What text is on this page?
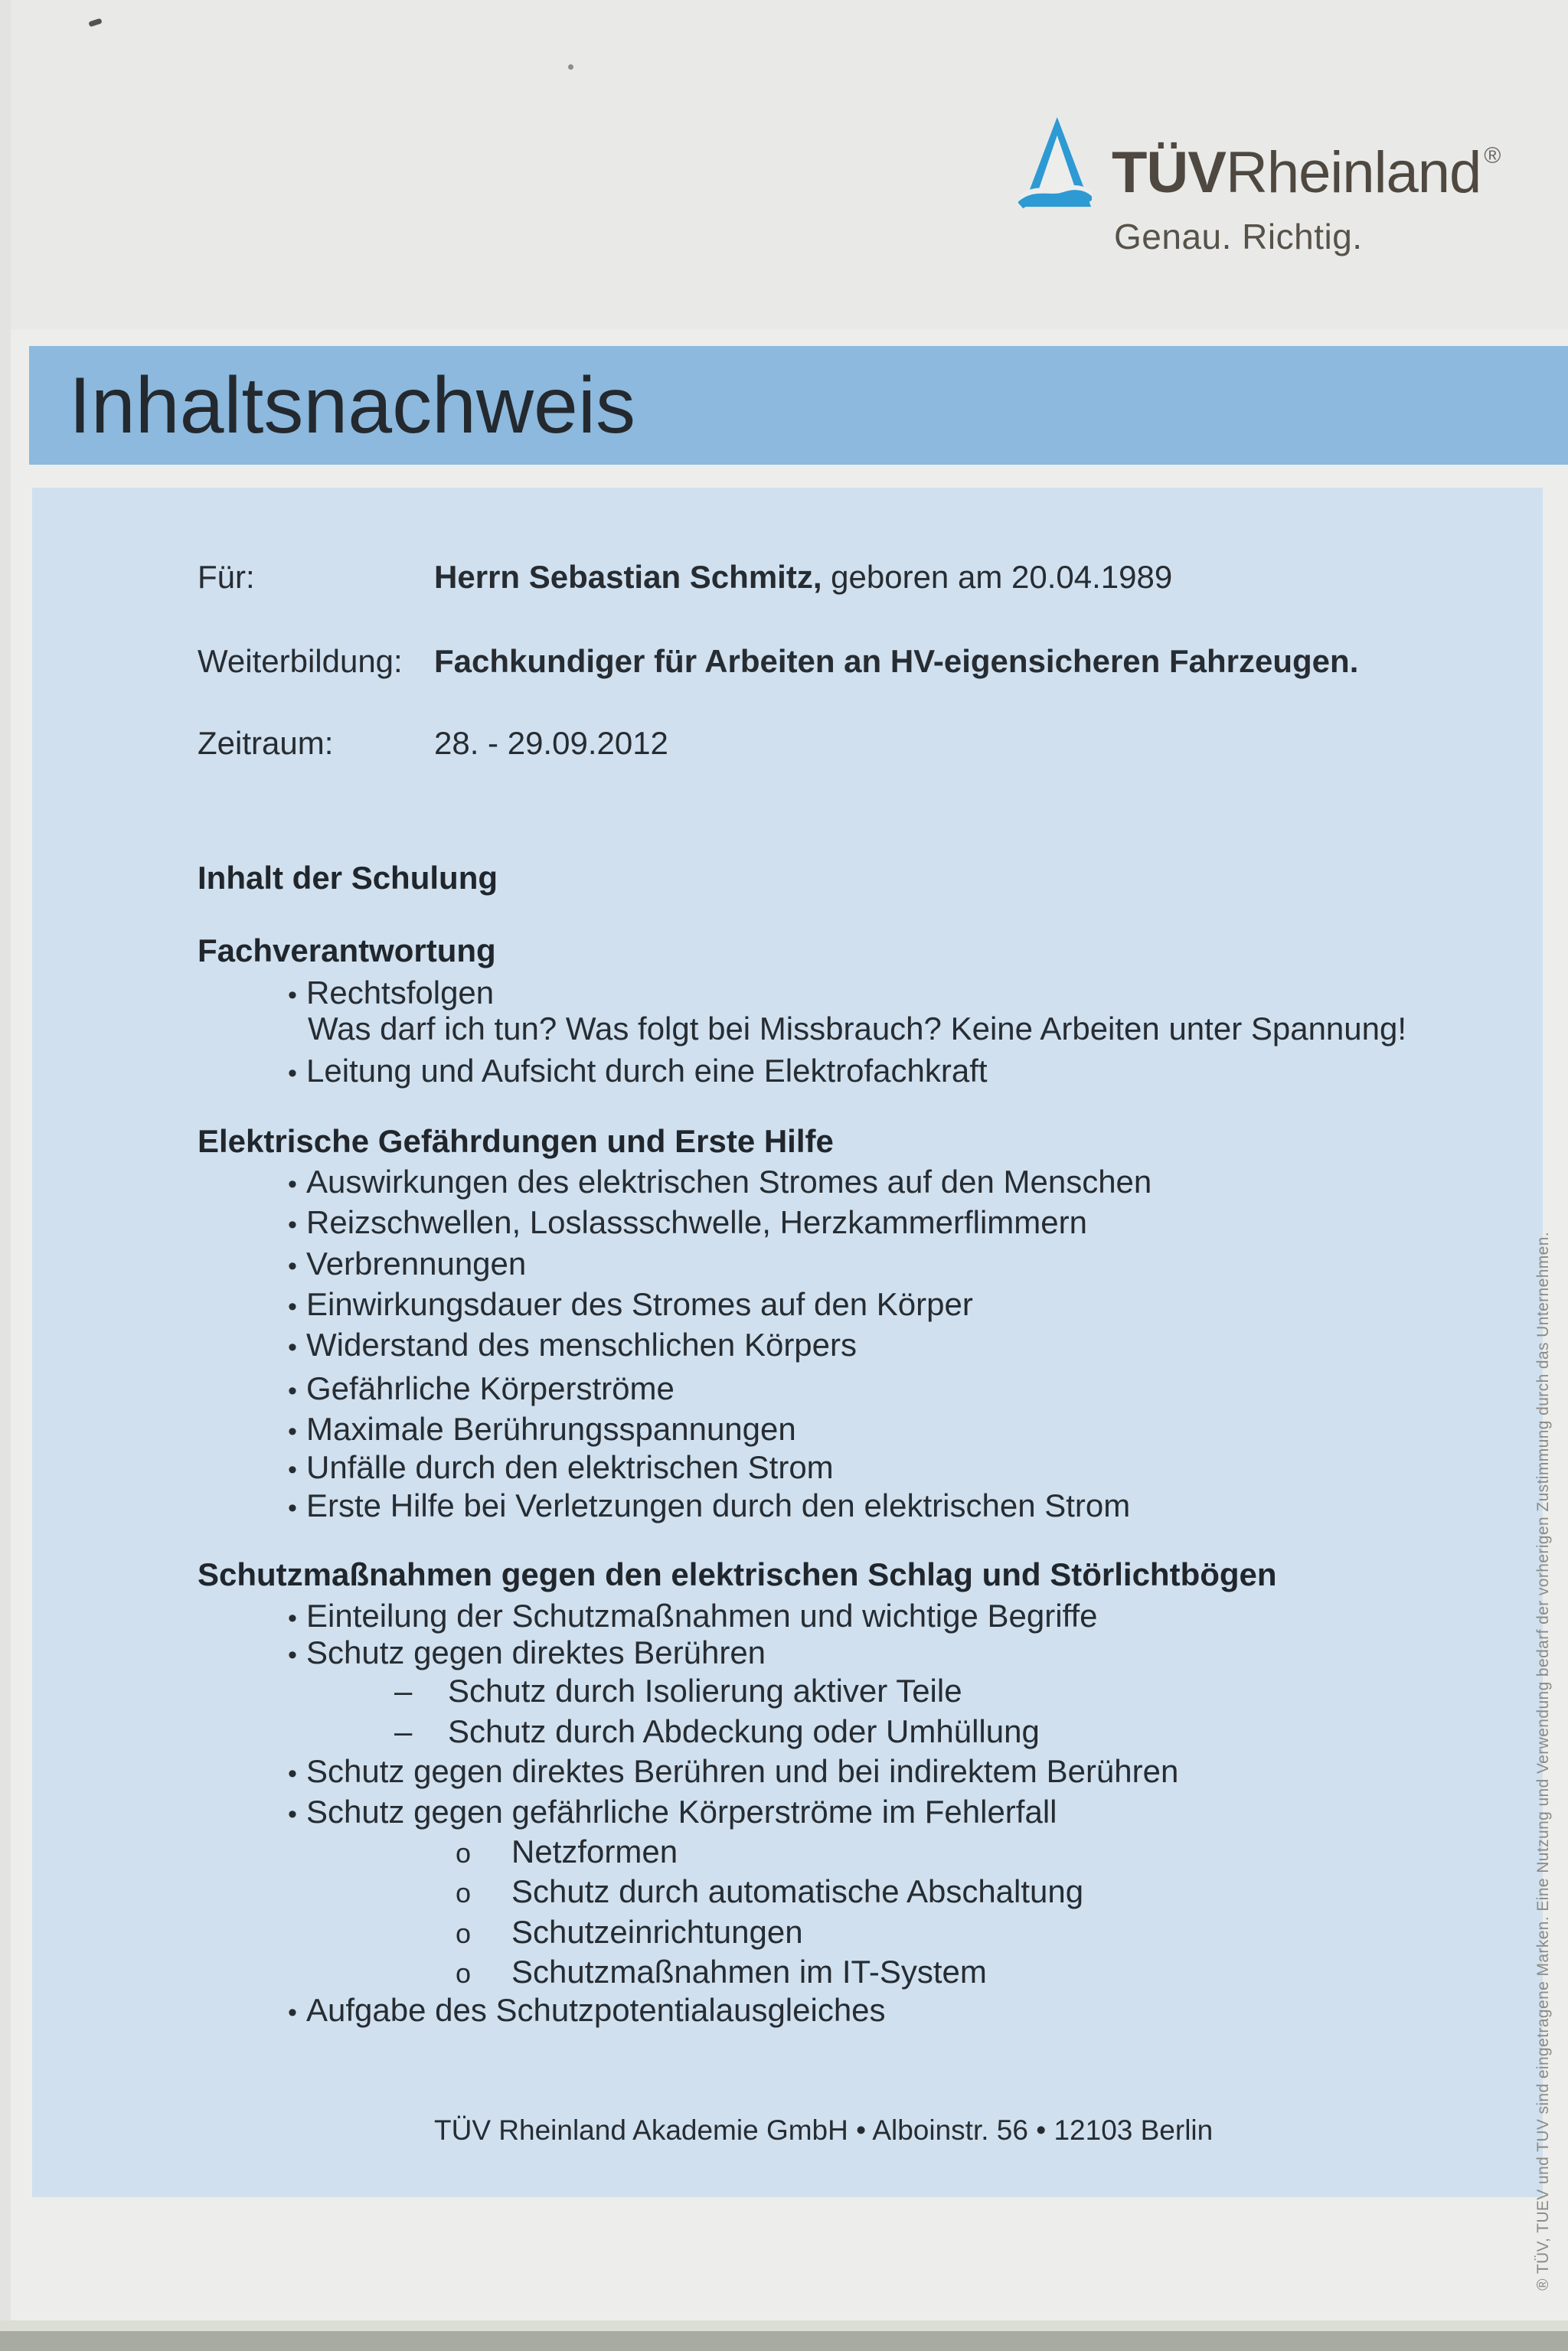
TÜVRheinland ®
Genau. Richtig.
Inhaltsnachweis
Für:	Herrn Sebastian Schmitz, geboren am 20.04.1989
Weiterbildung: Fachkundiger für Arbeiten an HV-eigensicheren Fahrzeugen.
Zeitraum:	28. - 29.09.2012
Inhalt der Schulung
Fachverantwortung
• Rechtsfolgen
Was darf ich tun? Was folgt bei Missbrauch? Keine Arbeiten unter Spannung!
• Leitung und Aufsicht durch eine Elektrofachkraft
Elektrische Gefährdungen und Erste Hilfe
• Auswirkungen des elektrischen Stromes auf den Menschen
• Reizschwellen, Loslassschwelle, Herzkammerflimmern
• Verbrennungen
• Einwirkungsdauer des Stromes auf den Körper
• Widerstand des menschlichen Körpers
• Gefährliche Körperströme
• Maximale Berührungsspannungen
• Unfälle durch den elektrischen Strom
• Erste Hilfe bei Verletzungen durch den elektrischen Strom
Schutzmaßnahmen gegen den elektrischen Schlag und Störlichtbögen
• Einteilung der Schutzmaßnahmen und wichtige Begriffe
• Schutz gegen direktes Berühren
– Schutz durch Isolierung aktiver Teile
– Schutz durch Abdeckung oder Umhüllung
• Schutz gegen direktes Berühren und bei indirektem Berühren
• Schutz gegen gefährliche Körperströme im Fehlerfall
o Netzformen
o Schutz durch automatische Abschaltung
o Schutzeinrichtungen
o Schutzmaßnahmen im IT-System
• Aufgabe des Schutzpotentialausgleiches
TÜV Rheinland Akademie GmbH • Alboinstr. 56 • 12103 Berlin	® TÜV, TUEV und TUV sind eingetragene Marken. Eine Nutzung und Verwendung bedarf der vorherigen Zustimmung durch das Unternehmen.
